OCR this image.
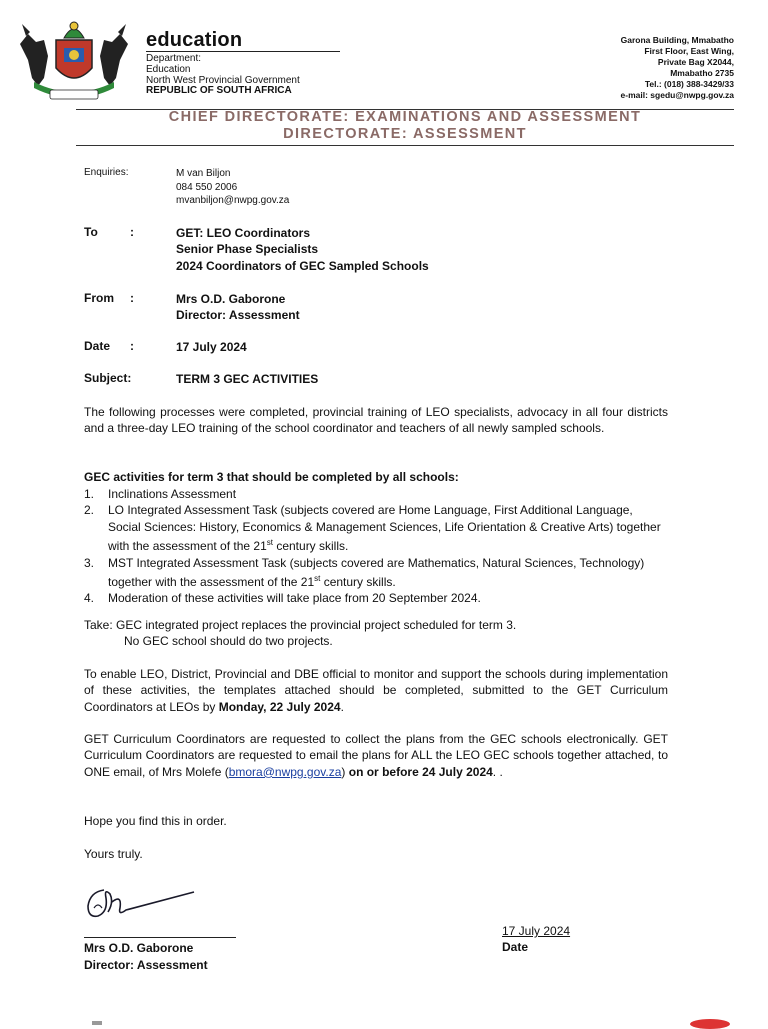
education
Department:
Education
North West Provincial Government
REPUBLIC OF SOUTH AFRICA
Garona Building, Mmabatho
First Floor, East Wing,
Private Bag X2044,
Mmabatho 2735
Tel.: (018) 388-3429/33
e-mail: sgedu@nwpg.gov.za
CHIEF DIRECTORATE: EXAMINATIONS AND ASSESSMENT
DIRECTORATE: ASSESSMENT
Enquiries:	M van Biljon
084 550 2006
mvanbiljon@nwpg.gov.za
To	:	GET: LEO Coordinators
Senior Phase Specialists
2024 Coordinators of GEC Sampled Schools
From :	Mrs O.D. Gaborone
Director: Assessment
Date :	17 July 2024
Subject:	TERM 3 GEC ACTIVITIES
The following processes were completed, provincial training of LEO specialists, advocacy in all four districts and a three-day LEO training of the school coordinator and teachers of all newly sampled schools.
GEC activities for term 3 that should be completed by all schools:
1.	Inclinations Assessment
2.	LO Integrated Assessment Task (subjects covered are Home Language, First Additional Language, Social Sciences: History, Economics & Management Sciences, Life Orientation & Creative Arts) together with the assessment of the 21st century skills.
3.	MST Integrated Assessment Task (subjects covered are Mathematics, Natural Sciences, Technology) together with the assessment of the 21st century skills.
4.	Moderation of these activities will take place from 20 September 2024.
Take: GEC integrated project replaces the provincial project scheduled for term 3.
No GEC school should do two projects.
To enable LEO, District, Provincial and DBE official to monitor and support the schools during implementation of these activities, the templates attached should be completed, submitted to the GET Curriculum Coordinators at LEOs by Monday, 22 July 2024.
GET Curriculum Coordinators are requested to collect the plans from the GEC schools electronically. GET Curriculum Coordinators are requested to email the plans for ALL the LEO GEC schools together attached, to ONE email, of Mrs Molefe (bmora@nwpg.gov.za) on or before 24 July 2024. .
Hope you find this in order.
Yours truly.
Mrs O.D. Gaborone
Director: Assessment
17 July 2024
Date
